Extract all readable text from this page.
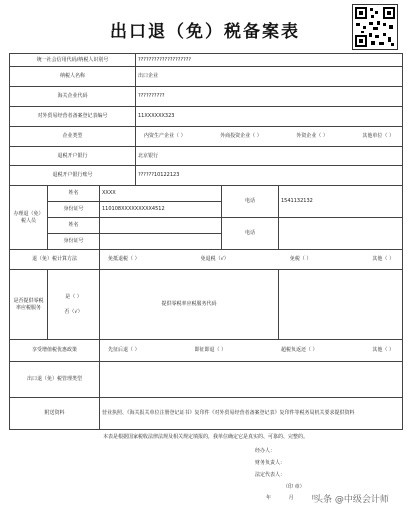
出口退（免）税备案表
统一社会信用代码/纳税人识别号			????????????????????		
纳税人名称			出口企业		
海关企业代码			??????????		
对外贸易经营者备案登记表编号			11XXXXXX323		
企业类型			内资生产企业（ ） 外商投资企业（ ） 外资企业（ ） 其他单位（ ）		

退税开户银行			北京银行		
退税开户银行账号			??????10122123		
办理退（免）税人员	姓名	XXXX		电话	1541132132
	身份证号	110108XXXXXXXXX4512			
	姓名			电话	
	身份证号				
退（免）税计算方法		免抵退税（ ） 免退税（√） 免税（ ） 其他（ ）			

是否提供零税率应税服务	是（ ）
否（√）	提供零税率应税服务代码			
享受增值税优惠政策		先征后退（ ） 即征即退（ ） 超税负返还（ ） 其他（ ）			

出口退（免）税管理类型					
附送资料		营业执照、《海关报关单位注册登记证书》复印件《对外贸易经营者备案登记表》复印件等税务局机关要求提供资料			
本表是根据国家税收法律法规及相关规定填报的，我单位确定它是真实的、可靠的、完整的。
经办人：
财务负责人：
法定代表人：
（印 章）
年 月 日
头条 @中级会计师
